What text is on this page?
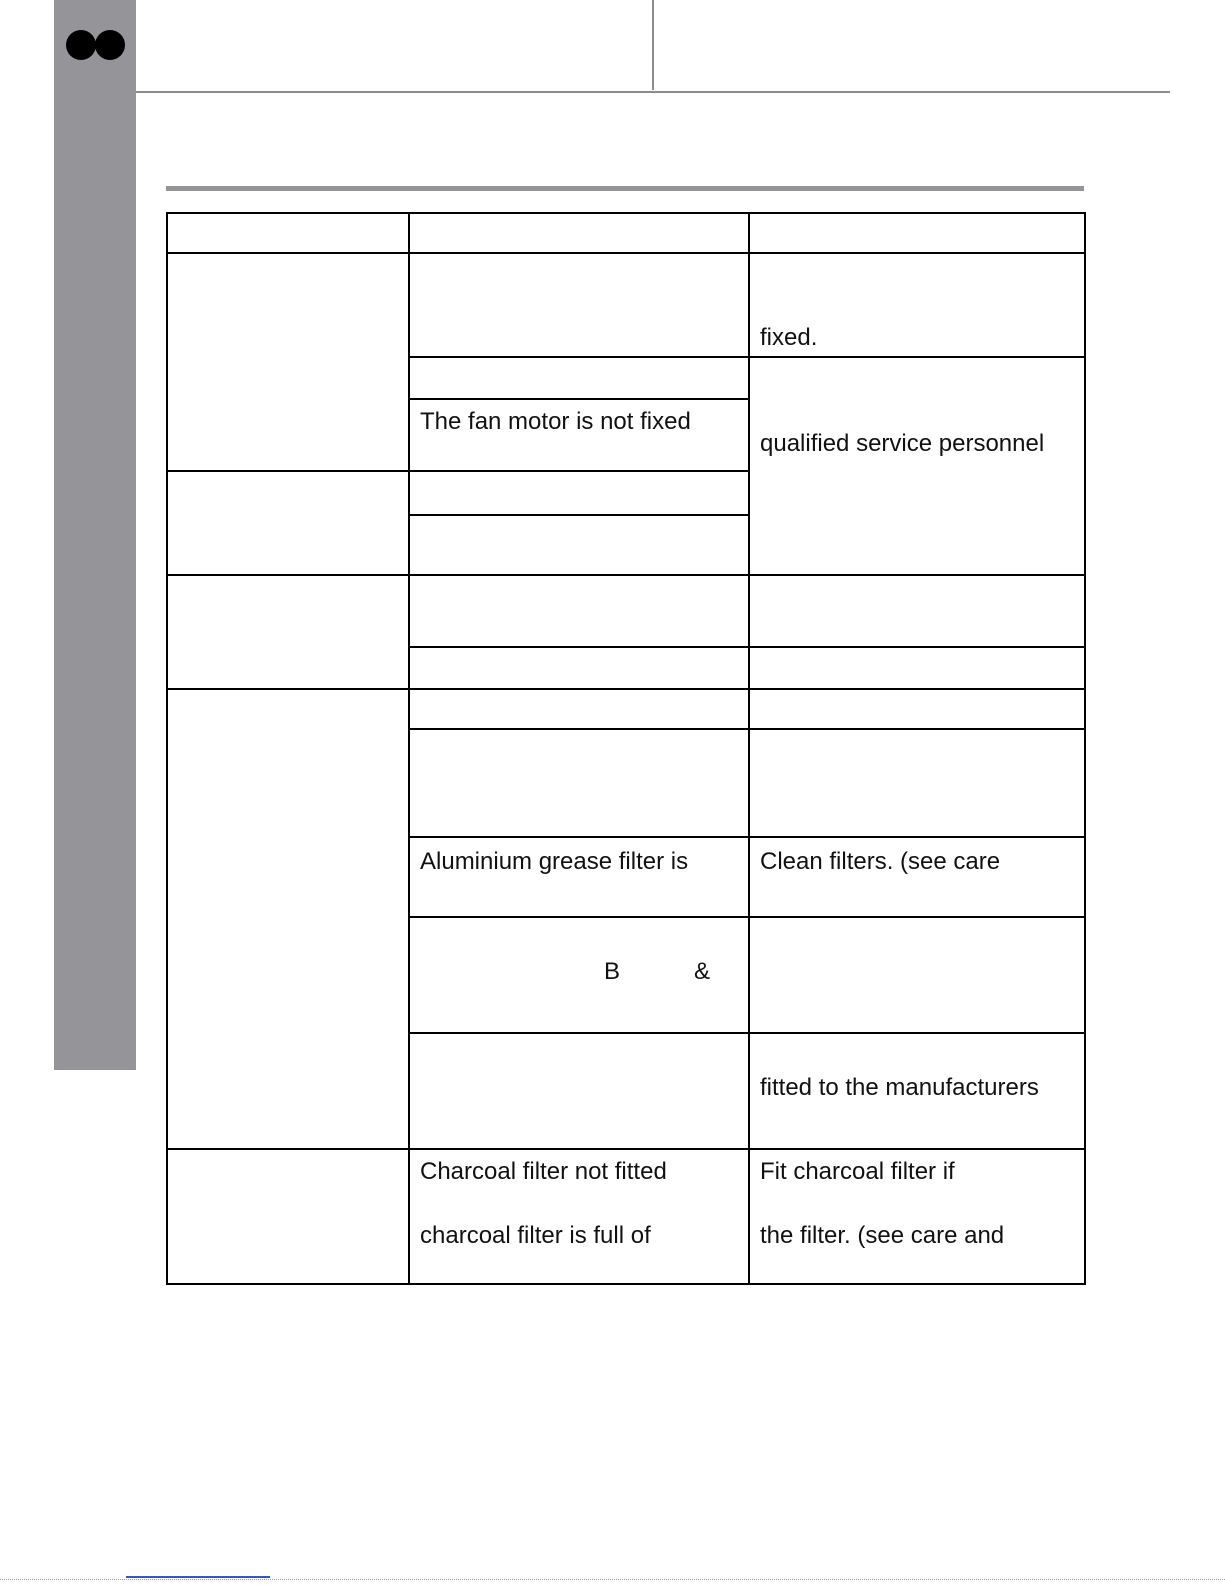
The fan motor is not fixed
Aluminium grease filter is
B	&
Charcoal filter not fitted
charcoal filter is full of
fixed.
qualified service personnel
Clean filters. (see care
fitted to the manufacturers
Fit charcoal filter if
the filter. (see care and
